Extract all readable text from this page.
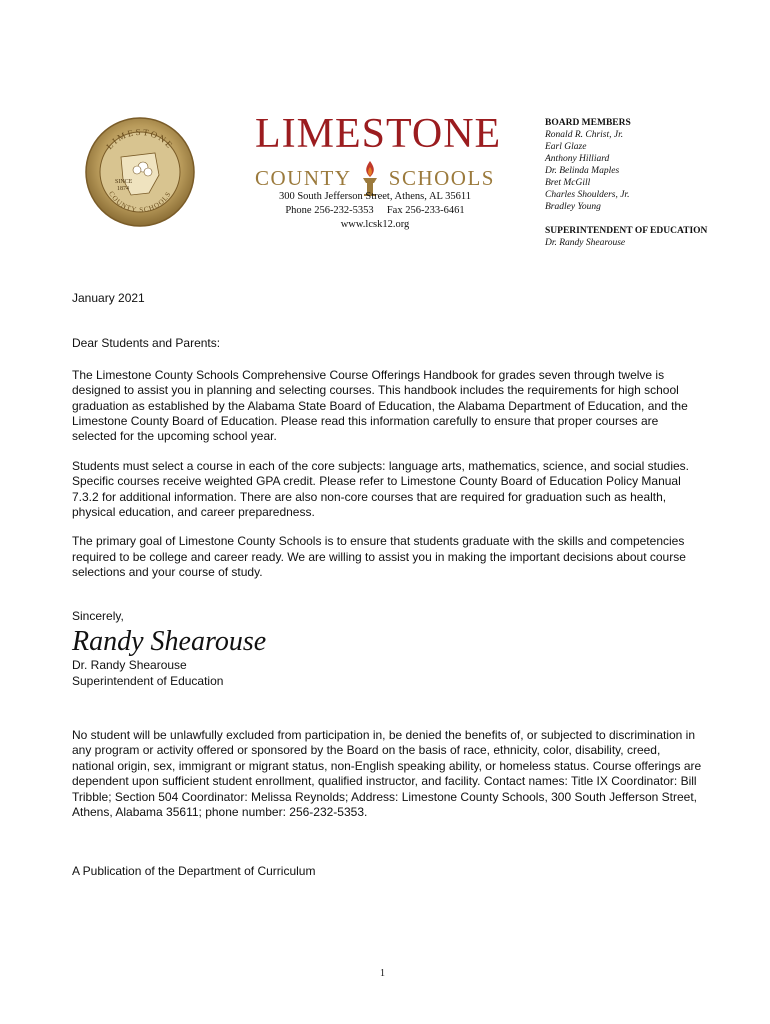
LIMESTONE
COUNTY SCHOOLS
SINCE
1874
LIMESTONE
COUNTY SCHOOLS
300 South Jefferson Street, Athens, AL 35611
Phone 256-232-5353 Fax 256-233-6461
www.lcsk12.org
BOARD MEMBERS
Ronald R. Christ, Jr.
Earl Glaze
Anthony Hilliard
Dr. Belinda Maples
Bret McGill
Charles Shoulders, Jr.
Bradley Young
SUPERINTENDENT OF EDUCATION
Dr. Randy Shearouse

January 2021

Dear Students and Parents:

The Limestone County Schools Comprehensive Course Offerings Handbook for grades seven through twelve is designed to assist you in planning and selecting courses. This handbook includes the requirements for high school graduation as established by the Alabama State Board of Education, the Alabama Department of Education, and the Limestone County Board of Education. Please read this information carefully to ensure that proper courses are selected for the upcoming school year.

Students must select a course in each of the core subjects: language arts, mathematics, science, and social studies. Specific courses receive weighted GPA credit. Please refer to Limestone County Board of Education Policy Manual 7.3.2 for additional information. There are also non-core courses that are required for graduation such as health, physical education, and career preparedness.

The primary goal of Limestone County Schools is to ensure that students graduate with the skills and competencies required to be college and career ready. We are willing to assist you in making the important decisions about course selections and your course of study.

Sincerely,

Randy Shearouse

Dr. Randy Shearouse

Superintendent of Education

No student will be unlawfully excluded from participation in, be denied the benefits of, or subjected to discrimination in any program or activity offered or sponsored by the Board on the basis of race, ethnicity, color, disability, creed, national origin, sex, immigrant or migrant status, non-English speaking ability, or homeless status. Course offerings are dependent upon sufficient student enrollment, qualified instructor, and facility. Contact names: Title IX Coordinator: Bill Tribble; Section 504 Coordinator: Melissa Reynolds; Address: Limestone County Schools, 300 South Jefferson Street, Athens, Alabama 35611; phone number: 256-232-5353.
A Publication of the Department of Curriculum
1
